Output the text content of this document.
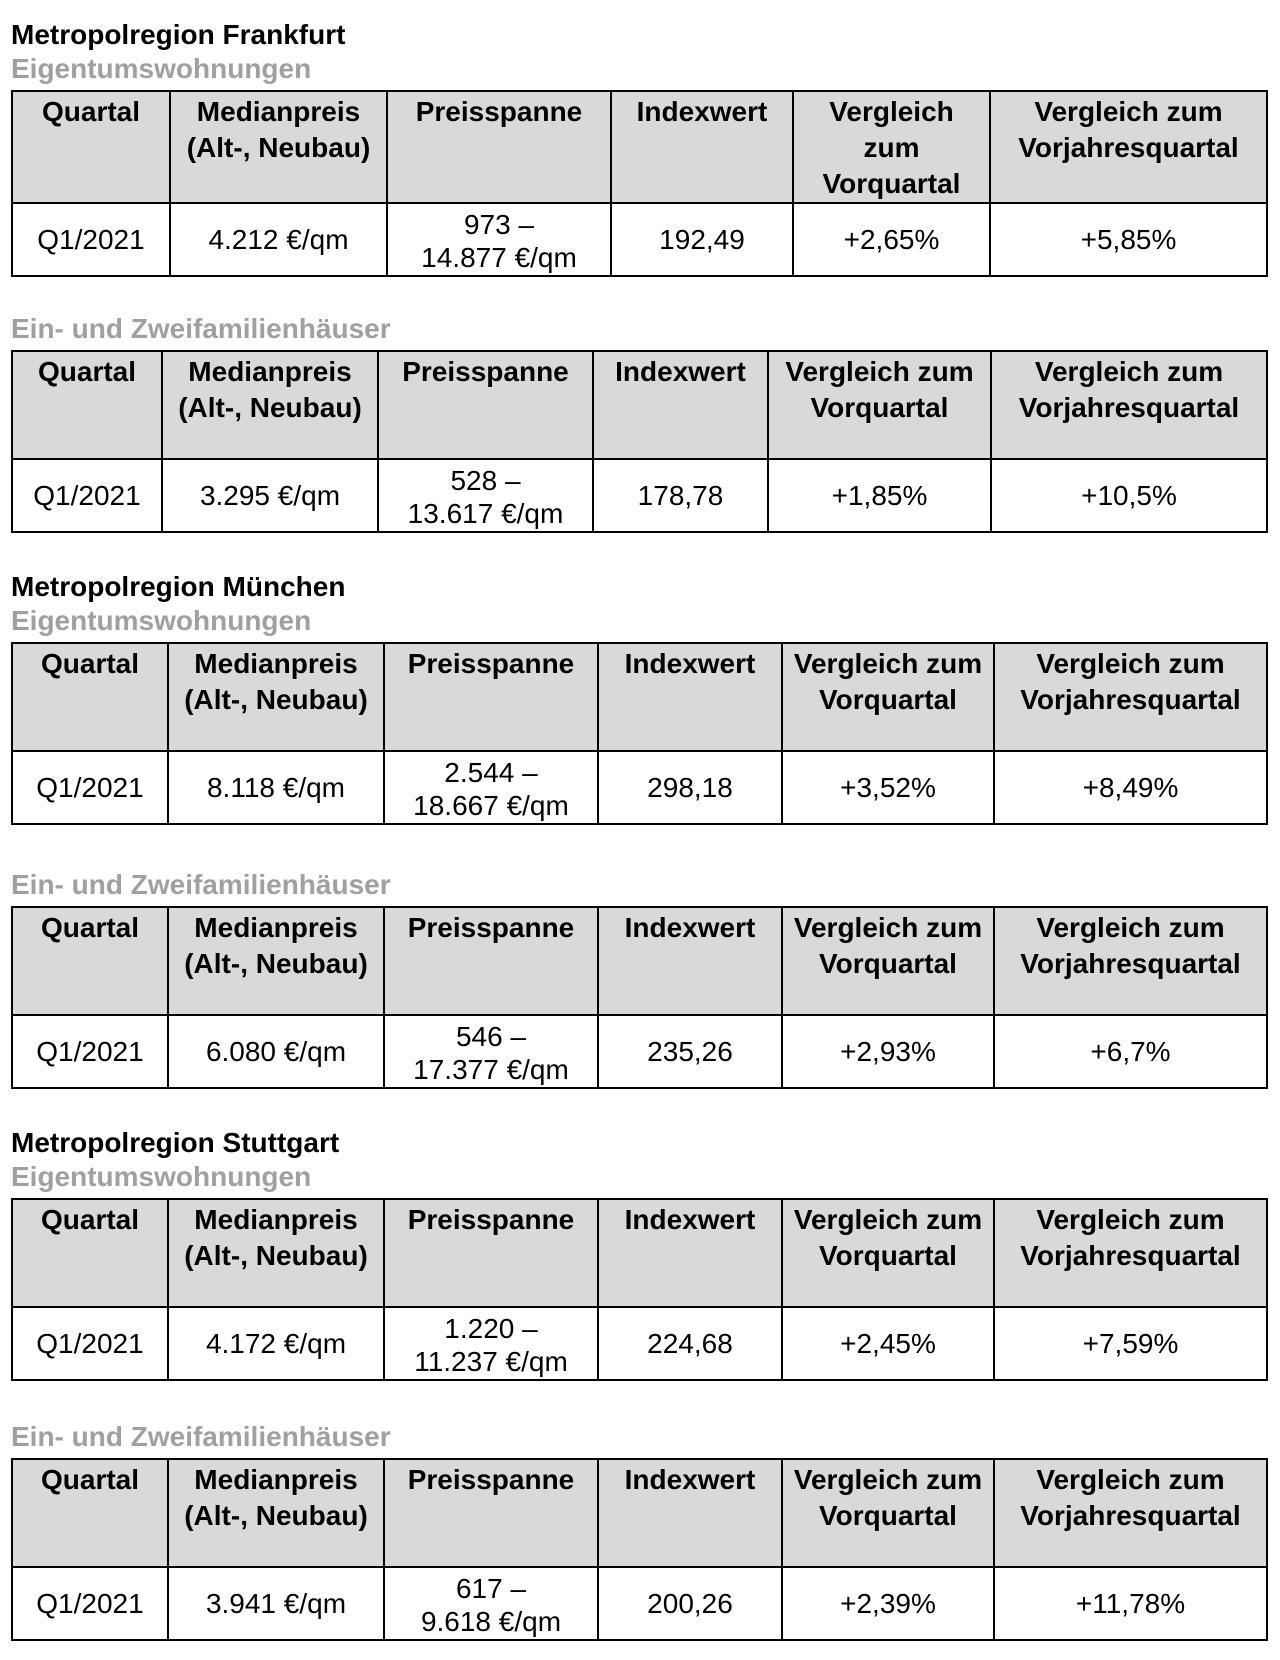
Metropolregion Frankfurt
Eigentumswohnungen
Quartal	Medianpreis (Alt-, Neubau)	Preisspanne	Indexwert	Vergleich zum Vorquartal	Vergleich zum Vorjahresquartal
Q1/2021	4.212 €/qm	973 –
14.877 €/qm	192,49	+2,65%	+5,85%
Ein- und Zweifamilienhäuser
Quartal	Medianpreis (Alt-, Neubau)	Preisspanne	Indexwert	Vergleich zum Vorquartal	Vergleich zum Vorjahresquartal
Q1/2021	3.295 €/qm	528 –
13.617 €/qm	178,78	+1,85%	+10,5%
Metropolregion München
Eigentumswohnungen
Quartal	Medianpreis (Alt-, Neubau)	Preisspanne	Indexwert	Vergleich zum Vorquartal	Vergleich zum Vorjahresquartal
Q1/2021	8.118 €/qm	2.544 –
18.667 €/qm	298,18	+3,52%	+8,49%
Ein- und Zweifamilienhäuser
Quartal	Medianpreis (Alt-, Neubau)	Preisspanne	Indexwert	Vergleich zum Vorquartal	Vergleich zum Vorjahresquartal
Q1/2021	6.080 €/qm	546 –
17.377 €/qm	235,26	+2,93%	+6,7%
Metropolregion Stuttgart
Eigentumswohnungen
Quartal	Medianpreis (Alt-, Neubau)	Preisspanne	Indexwert	Vergleich zum Vorquartal	Vergleich zum Vorjahresquartal
Q1/2021	4.172 €/qm	1.220 –
11.237 €/qm	224,68	+2,45%	+7,59%
Ein- und Zweifamilienhäuser
Quartal	Medianpreis (Alt-, Neubau)	Preisspanne	Indexwert	Vergleich zum Vorquartal	Vergleich zum Vorjahresquartal
Q1/2021	3.941 €/qm	617 –
9.618 €/qm	200,26	+2,39%	+11,78%
